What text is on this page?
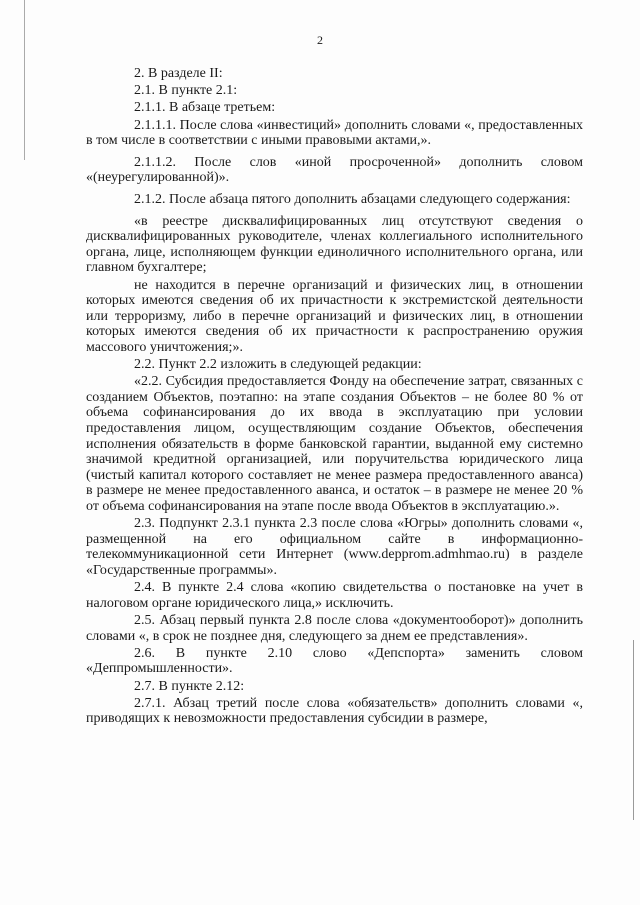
2

2. В разделе II:

2.1. В пункте 2.1:

2.1.1. В абзаце третьем:

2.1.1.1. После слова «инвестиций» дополнить словами «, предоставленных в том числе в соответствии с иными правовыми актами,».

2.1.1.2. После слов «иной просроченной» дополнить словом «(неурегулированной)».

2.1.2. После абзаца пятого дополнить абзацами следующего содержания:

«в реестре дисквалифицированных лиц отсутствуют сведения о дисквалифицированных руководителе, членах коллегиального исполнительного органа, лице, исполняющем функции единоличного исполнительного органа, или главном бухгалтере;

не находится в перечне организаций и физических лиц, в отношении которых имеются сведения об их причастности к экстремистской деятельности или терроризму, либо в перечне организаций и физических лиц, в отношении которых имеются сведения об их причастности к распространению оружия массового уничтожения;».

2.2. Пункт 2.2 изложить в следующей редакции:

«2.2. Субсидия предоставляется Фонду на обеспечение затрат, связанных с созданием Объектов, поэтапно: на этапе создания Объектов – не более 80 % от объема софинансирования до их ввода в эксплуатацию при условии предоставления лицом, осуществляющим создание Объектов, обеспечения исполнения обязательств в форме банковской гарантии, выданной ему системно значимой кредитной организацией, или поручительства юридического лица (чистый капитал которого составляет не менее размера предоставленного аванса) в размере не менее предоставленного аванса, и остаток – в размере не менее 20 % от объема софинансирования на этапе после ввода Объектов в эксплуатацию.».

2.3. Подпункт 2.3.1 пункта 2.3 после слова «Югры» дополнить словами «, размещенной на его официальном сайте в информационно-телекоммуникационной сети Интернет (www.depprom.admhmao.ru) в разделе «Государственные программы».

2.4. В пункте 2.4 слова «копию свидетельства о постановке на учет в налоговом органе юридического лица,» исключить.

2.5. Абзац первый пункта 2.8 после слова «документооборот)» дополнить словами «, в срок не позднее дня, следующего за днем ее представления».

2.6. В пункте 2.10 слово «Депспорта» заменить словом «Деппромышленности».

2.7. В пункте 2.12:

2.7.1. Абзац третий после слова «обязательств» дополнить словами «, приводящих к невозможности предоставления субсидии в размере,
